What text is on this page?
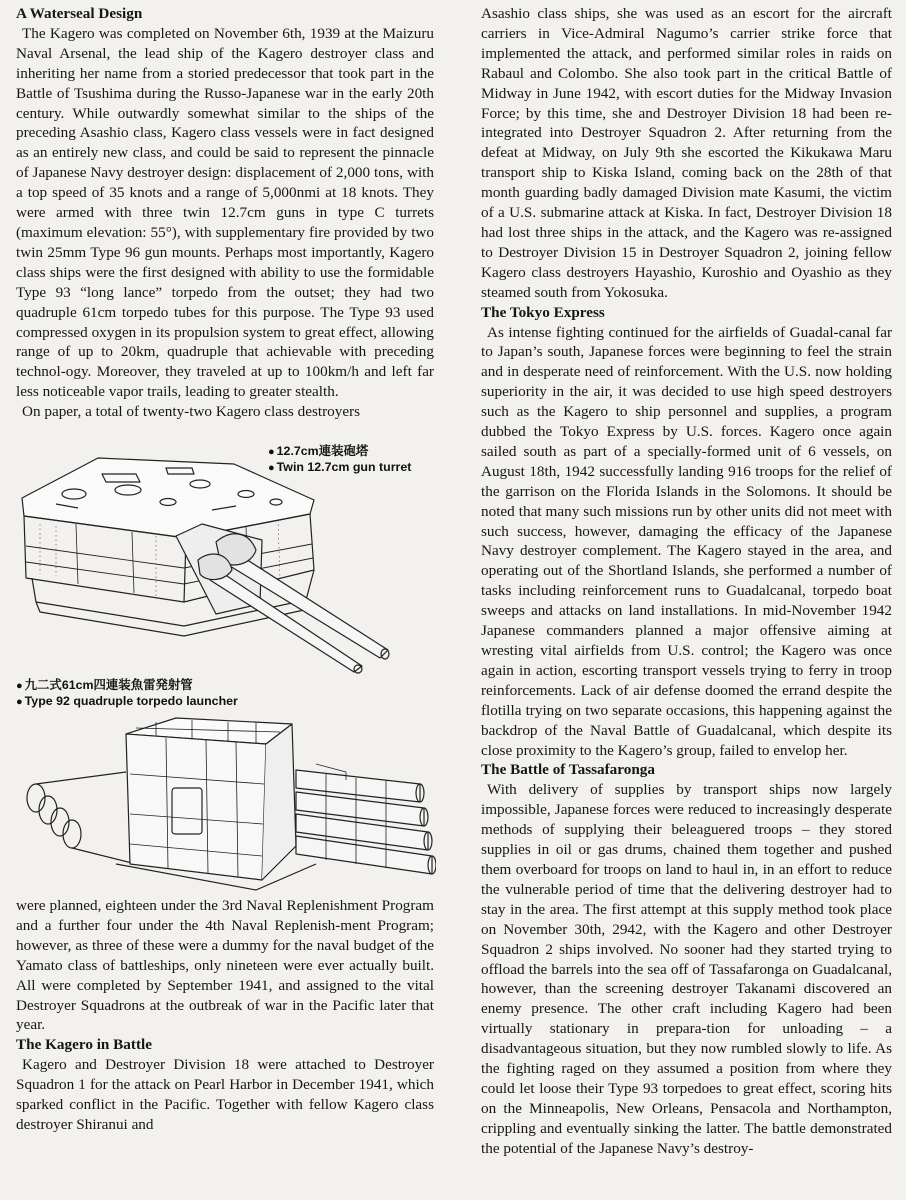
A Waterseal Design

The Kagero was completed on November 6th, 1939 at the Maizuru Naval Arsenal, the lead ship of the Kagero destroyer class and inheriting her name from a storied predecessor that took part in the Battle of Tsushima during the Russo-Japanese war in the early 20th century. While outwardly somewhat similar to the ships of the preceding Asashio class, Kagero class vessels were in fact designed as an entirely new class, and could be said to represent the pinnacle of Japanese Navy destroyer design: displacement of 2,000 tons, with a top speed of 35 knots and a range of 5,000nmi at 18 knots. They were armed with three twin 12.7cm guns in type C turrets (maximum elevation: 55°), with supplementary fire provided by two twin 25mm Type 96 gun mounts. Perhaps most importantly, Kagero class ships were the first designed with ability to use the formidable Type 93 “long lance” torpedo from the outset; they had two quadruple 61cm torpedo tubes for this purpose. The Type 93 used compressed oxygen in its propulsion system to great effect, allowing range of up to 20km, quadruple that achievable with preceding technol-ogy. Moreover, they traveled at up to 100km/h and left far less noticeable vapor trails, leading to greater stealth.

On paper, a total of twenty-two Kagero class destroyers

● 12.7cm連装砲塔
● Twin 12.7cm gun turret
● 九二式61cm四連装魚雷発射管
● Type 92 quadruple torpedo launcher

were planned, eighteen under the 3rd Naval Replenishment Program and a further four under the 4th Naval Replenish-ment Program; however, as three of these were a dummy for the naval budget of the Yamato class of battleships, only nineteen were ever actually built. All were completed by September 1941, and assigned to the vital Destroyer Squadrons at the outbreak of war in the Pacific later that year.

The Kagero in Battle

Kagero and Destroyer Division 18 were attached to Destroyer Squadron 1 for the attack on Pearl Harbor in December 1941, which sparked conflict in the Pacific. Together with fellow Kagero class destroyer Shiranui and

Asashio class ships, she was used as an escort for the aircraft carriers in Vice-Admiral Nagumo’s carrier strike force that implemented the attack, and performed similar roles in raids on Rabaul and Colombo. She also took part in the critical Battle of Midway in June 1942, with escort duties for the Midway Invasion Force; by this time, she and Destroyer Division 18 had been re-integrated into Destroyer Squadron 2. After returning from the defeat at Midway, on July 9th she escorted the Kikukawa Maru transport ship to Kiska Island, coming back on the 28th of that month guarding badly damaged Division mate Kasumi, the victim of a U.S. submarine attack at Kiska. In fact, Destroyer Division 18 had lost three ships in the attack, and the Kagero was re-assigned to Destroyer Division 15 in Destroyer Squadron 2, joining fellow Kagero class destroyers Hayashio, Kuroshio and Oyashio as they steamed south from Yokosuka.

The Tokyo Express

As intense fighting continued for the airfields of Guadal-canal far to Japan’s south, Japanese forces were beginning to feel the strain and in desperate need of reinforcement. With the U.S. now holding superiority in the air, it was decided to use high speed destroyers such as the Kagero to ship personnel and supplies, a program dubbed the Tokyo Express by U.S. forces. Kagero once again sailed south as part of a specially-formed unit of 6 vessels, on August 18th, 1942 successfully landing 916 troops for the relief of the garrison on the Florida Islands in the Solomons. It should be noted that many such missions run by other units did not meet with such success, however, damaging the efficacy of the Japanese Navy destroyer complement. The Kagero stayed in the area, and operating out of the Shortland Islands, she performed a number of tasks including reinforcement runs to Guadalcanal, torpedo boat sweeps and attacks on land installations. In mid-November 1942 Japanese commanders planned a major offensive aiming at wresting vital airfields from U.S. control; the Kagero was once again in action, escorting transport vessels trying to ferry in troop reinforcements. Lack of air defense doomed the errand despite the flotilla trying on two separate occasions, this happening against the backdrop of the Naval Battle of Guadalcanal, which despite its close proximity to the Kagero’s group, failed to envelop her.

The Battle of Tassafaronga

With delivery of supplies by transport ships now largely impossible, Japanese forces were reduced to increasingly desperate methods of supplying their beleaguered troops – they stored supplies in oil or gas drums, chained them together and pushed them overboard for troops on land to haul in, in an effort to reduce the vulnerable period of time that the delivering destroyer had to stay in the area. The first attempt at this supply method took place on November 30th, 2942, with the Kagero and other Destroyer Squadron 2 ships involved. No sooner had they started trying to offload the barrels into the sea off of Tassafaronga on Guadalcanal, however, than the screening destroyer Takanami discovered an enemy presence. The other craft including Kagero had been virtually stationary in prepara-tion for unloading – a disadvantageous situation, but they now rumbled slowly to life. As the fighting raged on they assumed a position from where they could let loose their Type 93 torpedoes to great effect, scoring hits on the Minneapolis, New Orleans, Pensacola and Northampton, crippling and eventually sinking the latter. The battle demonstrated the potential of the Japanese Navy’s destroy-
